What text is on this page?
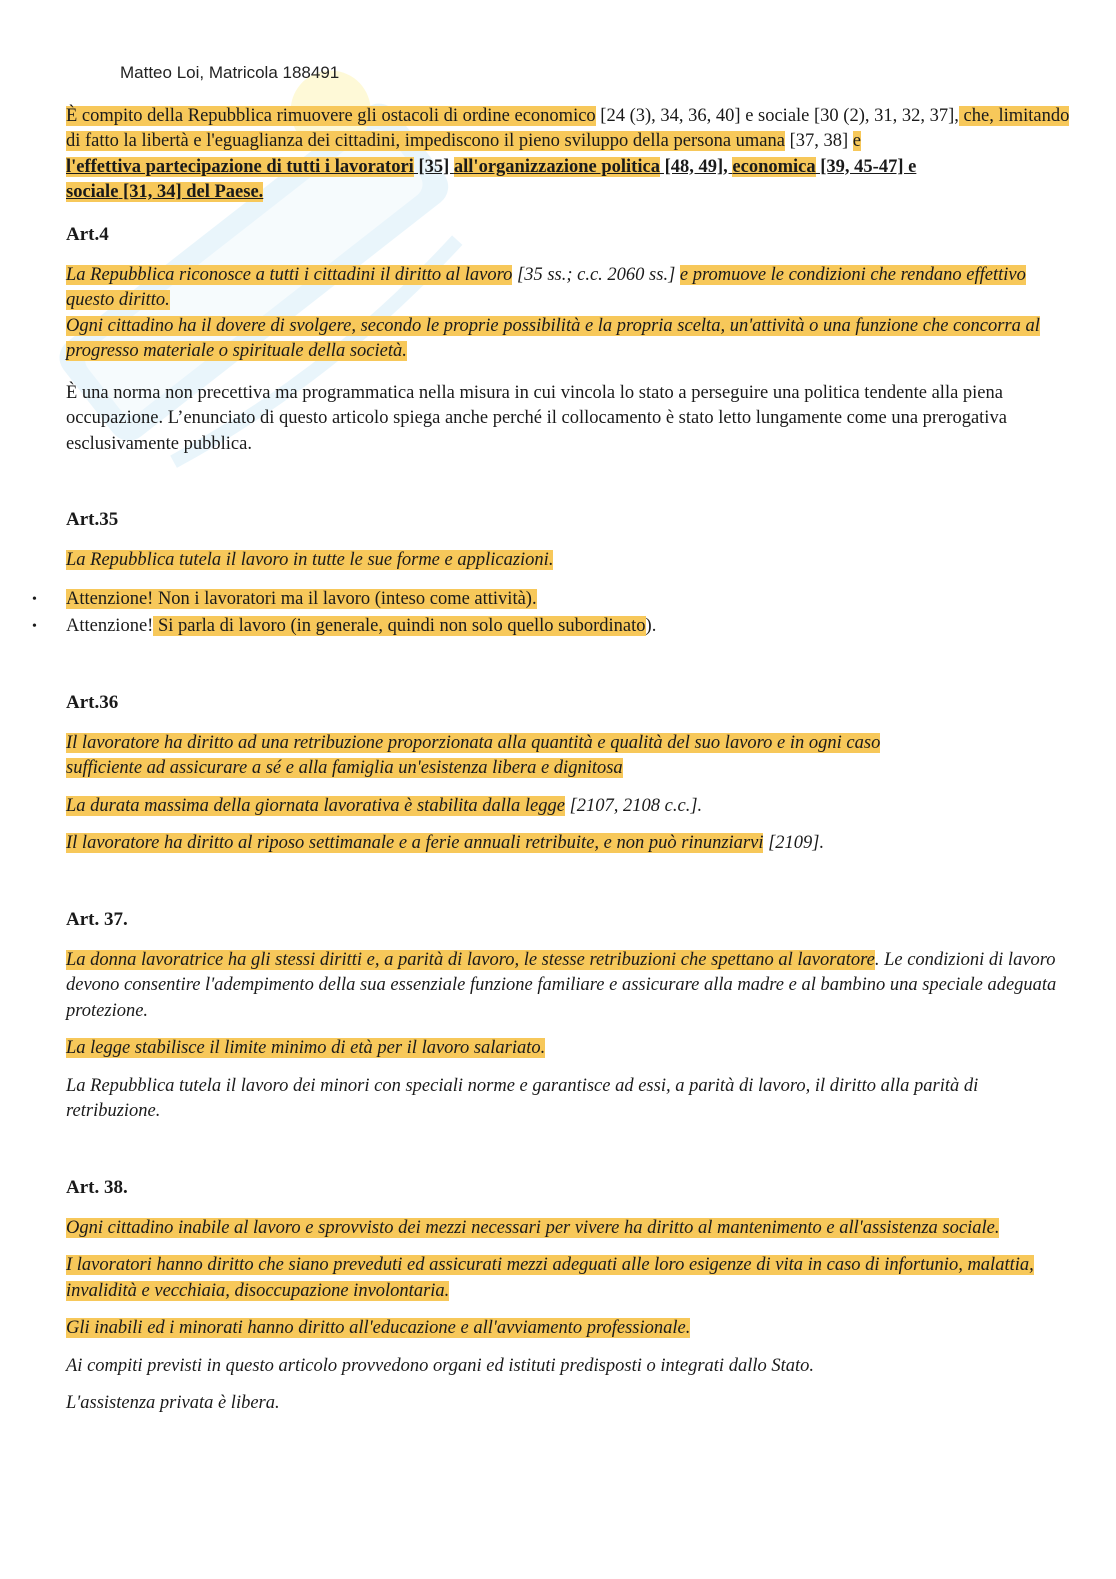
Matteo Loi, Matricola 188491

È compito della Repubblica rimuovere gli ostacoli di ordine economico [24 (3), 34, 36, 40] e sociale [30 (2), 31, 32, 37], che, limitando di fatto la libertà e l'eguaglianza dei cittadini, impediscono il pieno sviluppo della persona umana [37, 38] e
l'effettiva partecipazione di tutti i lavoratori [35] all'organizzazione politica [48, 49], economica [39, 45-47] e
sociale [31, 34] del Paese.

Art.4

La Repubblica riconosce a tutti i cittadini il diritto al lavoro [35 ss.; c.c. 2060 ss.] e promuove le condizioni che rendano effettivo questo diritto.

Ogni cittadino ha il dovere di svolgere, secondo le proprie possibilità e la propria scelta, un'attività o una funzione che concorra al progresso materiale o spirituale della società.

È una norma non precettiva ma programmatica nella misura in cui vincola lo stato a perseguire una politica tendente alla piena occupazione. L’enunciato di questo articolo spiega anche perché il collocamento è stato letto lungamente come una prerogativa esclusivamente pubblica.

Art.35

La Repubblica tutela il lavoro in tutte le sue forme e applicazioni.

• Attenzione! Non i lavoratori ma il lavoro (inteso come attività).
• Attenzione! Si parla di lavoro (in generale, quindi non solo quello subordinato).
Art.36

Il lavoratore ha diritto ad una retribuzione proporzionata alla quantità e qualità del suo lavoro e in ogni caso sufficiente ad assicurare a sé e alla famiglia un'esistenza libera e dignitosa

La durata massima della giornata lavorativa è stabilita dalla legge [2107, 2108 c.c.].

Il lavoratore ha diritto al riposo settimanale e a ferie annuali retribuite, e non può rinunziarvi [2109].

Art. 37.

La donna lavoratrice ha gli stessi diritti e, a parità di lavoro, le stesse retribuzioni che spettano al lavoratore. Le condizioni di lavoro devono consentire l'adempimento della sua essenziale funzione familiare e assicurare alla madre e al bambino una speciale adeguata protezione.

La legge stabilisce il limite minimo di età per il lavoro salariato.

La Repubblica tutela il lavoro dei minori con speciali norme e garantisce ad essi, a parità di lavoro, il diritto alla parità di retribuzione.

Art. 38.

Ogni cittadino inabile al lavoro e sprovvisto dei mezzi necessari per vivere ha diritto al mantenimento e all'assistenza sociale.

I lavoratori hanno diritto che siano preveduti ed assicurati mezzi adeguati alle loro esigenze di vita in caso di infortunio, malattia, invalidità e vecchiaia, disoccupazione involontaria.

Gli inabili ed i minorati hanno diritto all'educazione e all'avviamento professionale.

Ai compiti previsti in questo articolo provvedono organi ed istituti predisposti o integrati dallo Stato.

L'assistenza privata è libera.
